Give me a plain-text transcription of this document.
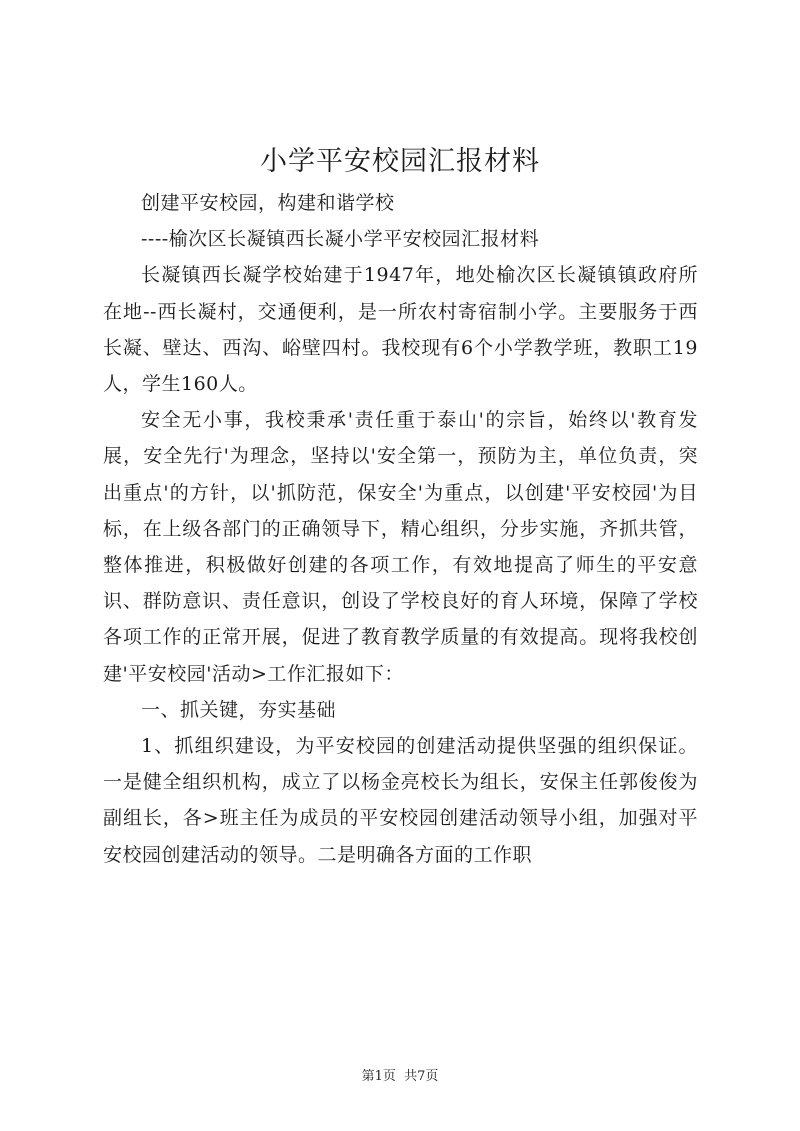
小学平安校园汇报材料

创建平安校园，构建和谐学校

----榆次区长凝镇西长凝小学平安校园汇报材料

长凝镇西长凝学校始建于1947年，地处榆次区长凝镇镇政府所在地--西长凝村，交通便利，是一所农村寄宿制小学。主要服务于西长凝、壁达、西沟、峪壁四村。我校现有6个小学教学班，教职工19人，学生160人。

安全无小事，我校秉承'责任重于泰山'的宗旨，始终以'教育发展，安全先行'为理念，坚持以'安全第一，预防为主，单位负责，突出重点'的方针，以'抓防范，保安全'为重点，以创建'平安校园'为目标，在上级各部门的正确领导下，精心组织，分步实施，齐抓共管，整体推进，积极做好创建的各项工作，有效地提高了师生的平安意识、群防意识、责任意识，创设了学校良好的育人环境，保障了学校各项工作的正常开展，促进了教育教学质量的有效提高。现将我校创建'平安校园'活动>工作汇报如下：

一、抓关键，夯实基础

1、抓组织建设，为平安校园的创建活动提供坚强的组织保证。一是健全组织机构，成立了以杨金亮校长为组长，安保主任郭俊俊为副组长，各>班主任为成员的平安校园创建活动领导小组，加强对平安校园创建活动的领导。二是明确各方面的工作职

第1页 共7页
